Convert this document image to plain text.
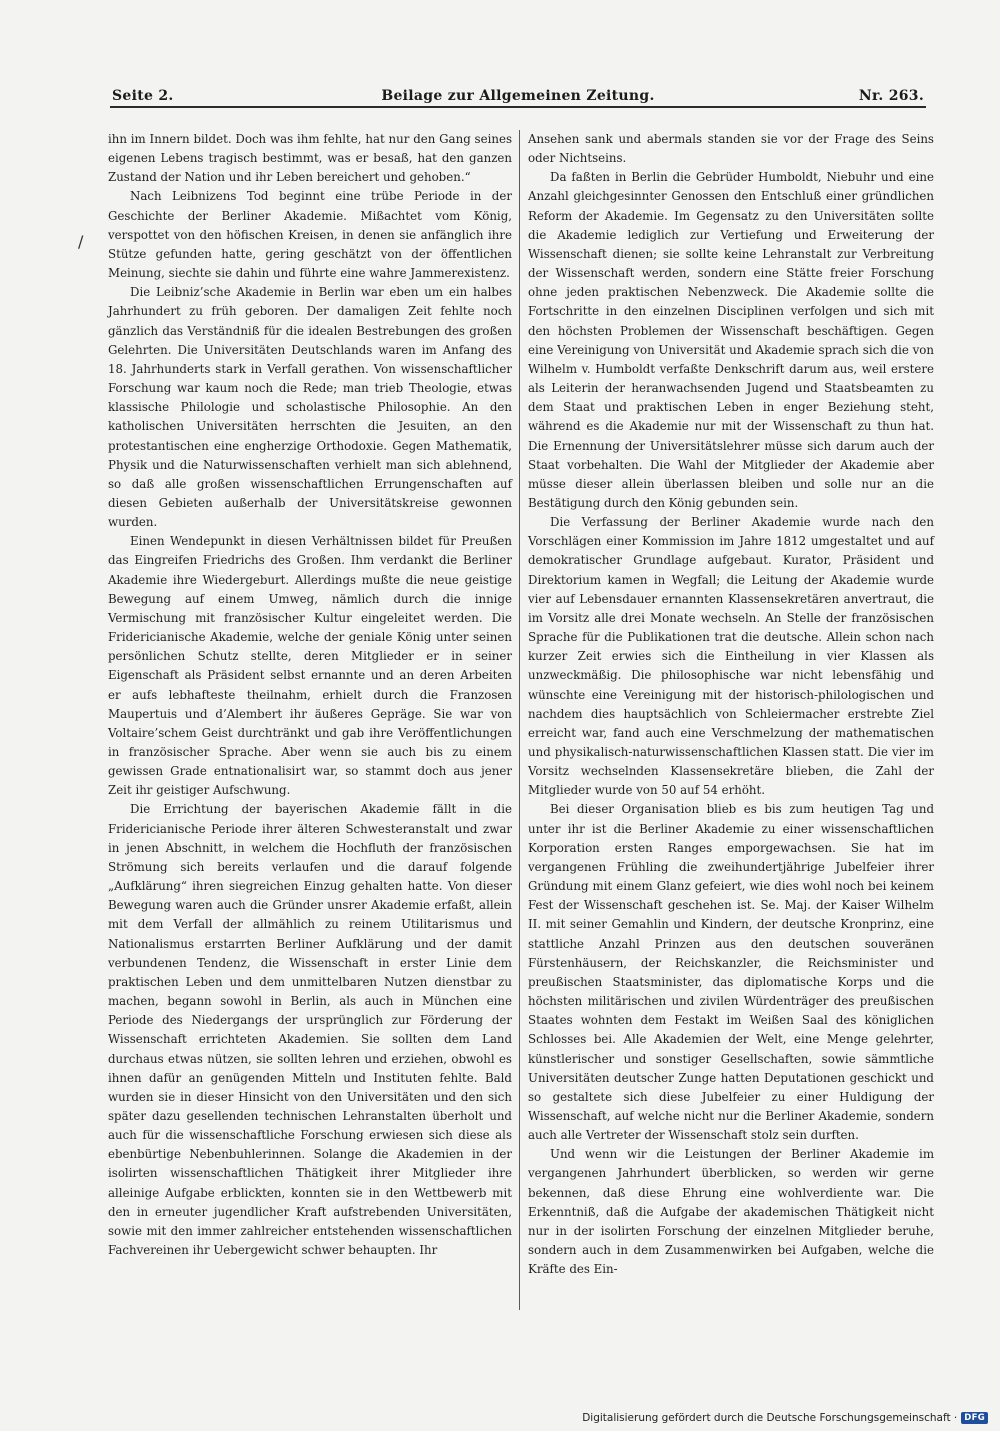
Seite 2.	Beilage zur Allgemeinen Zeitung.	Nr. 263.
/

ihn im Innern bildet. Doch was ihm fehlte, hat nur den Gang seines eigenen Lebens tragisch bestimmt, was er besaß, hat den ganzen Zustand der Nation und ihr Leben bereichert und gehoben.“

Nach Leibnizens Tod beginnt eine trübe Periode in der Geschichte der Berliner Akademie. Mißachtet vom König, verspottet von den höfischen Kreisen, in denen sie anfänglich ihre Stütze gefunden hatte, gering geschätzt von der öffentlichen Meinung, siechte sie dahin und führte eine wahre Jammerexistenz.

Die Leibniz’sche Akademie in Berlin war eben um ein halbes Jahrhundert zu früh geboren. Der damaligen Zeit fehlte noch gänzlich das Verständniß für die idealen Bestrebungen des großen Gelehrten. Die Universitäten Deutschlands waren im Anfang des 18. Jahrhunderts stark in Verfall gerathen. Von wissenschaftlicher Forschung war kaum noch die Rede; man trieb Theologie, etwas klassische Philologie und scholastische Philosophie. An den katholischen Universitäten herrschten die Jesuiten, an den protestantischen eine engherzige Orthodoxie. Gegen Mathematik, Physik und die Naturwissenschaften verhielt man sich ablehnend, so daß alle großen wissenschaftlichen Errungenschaften auf diesen Gebieten außerhalb der Universitätskreise gewonnen wurden.

Einen Wendepunkt in diesen Verhältnissen bildet für Preußen das Eingreifen Friedrichs des Großen. Ihm verdankt die Berliner Akademie ihre Wiedergeburt. Allerdings mußte die neue geistige Bewegung auf einem Umweg, nämlich durch die innige Vermischung mit französischer Kultur eingeleitet werden. Die Fridericianische Akademie, welche der geniale König unter seinen persönlichen Schutz stellte, deren Mitglieder er in seiner Eigenschaft als Präsident selbst ernannte und an deren Arbeiten er aufs lebhafteste theilnahm, erhielt durch die Franzosen Maupertuis und d’Alembert ihr äußeres Gepräge. Sie war von Voltaire’schem Geist durchtränkt und gab ihre Veröffentlichungen in französischer Sprache. Aber wenn sie auch bis zu einem gewissen Grade entnationalisirt war, so stammt doch aus jener Zeit ihr geistiger Aufschwung.

Die Errichtung der bayerischen Akademie fällt in die Fridericianische Periode ihrer älteren Schwesteranstalt und zwar in jenen Abschnitt, in welchem die Hochfluth der französischen Strömung sich bereits verlaufen und die darauf folgende „Aufklärung“ ihren siegreichen Einzug gehalten hatte. Von dieser Bewegung waren auch die Gründer unsrer Akademie erfaßt, allein mit dem Verfall der allmählich zu reinem Utilitarismus und Nationalismus erstarrten Berliner Aufklärung und der damit verbundenen Tendenz, die Wissenschaft in erster Linie dem praktischen Leben und dem unmittelbaren Nutzen dienstbar zu machen, begann sowohl in Berlin, als auch in München eine Periode des Niedergangs der ursprünglich zur Förderung der Wissenschaft errichteten Akademien. Sie sollten dem Land durchaus etwas nützen, sie sollten lehren und erziehen, obwohl es ihnen dafür an genügenden Mitteln und Instituten fehlte. Bald wurden sie in dieser Hinsicht von den Universitäten und den sich später dazu gesellenden technischen Lehranstalten überholt und auch für die wissenschaftliche Forschung erwiesen sich diese als ebenbürtige Nebenbuhlerinnen. Solange die Akademien in der isolirten wissenschaftlichen Thätigkeit ihrer Mitglieder ihre alleinige Aufgabe erblickten, konnten sie in den Wettbewerb mit den in erneuter jugendlicher Kraft aufstrebenden Universitäten, sowie mit den immer zahlreicher entstehenden wissenschaftlichen Fachvereinen ihr Uebergewicht schwer behaupten. Ihr

Ansehen sank und abermals standen sie vor der Frage des Seins oder Nichtseins.

Da faßten in Berlin die Gebrüder Humboldt, Niebuhr und eine Anzahl gleichgesinnter Genossen den Entschluß einer gründlichen Reform der Akademie. Im Gegensatz zu den Universitäten sollte die Akademie lediglich zur Vertiefung und Erweiterung der Wissenschaft dienen; sie sollte keine Lehranstalt zur Verbreitung der Wissenschaft werden, sondern eine Stätte freier Forschung ohne jeden praktischen Nebenzweck. Die Akademie sollte die Fortschritte in den einzelnen Disciplinen verfolgen und sich mit den höchsten Problemen der Wissenschaft beschäftigen. Gegen eine Vereinigung von Universität und Akademie sprach sich die von Wilhelm v. Humboldt verfaßte Denkschrift darum aus, weil erstere als Leiterin der heranwachsenden Jugend und Staatsbeamten zu dem Staat und praktischen Leben in enger Beziehung steht, während es die Akademie nur mit der Wissenschaft zu thun hat. Die Ernennung der Universitätslehrer müsse sich darum auch der Staat vorbehalten. Die Wahl der Mitglieder der Akademie aber müsse dieser allein überlassen bleiben und solle nur an die Bestätigung durch den König gebunden sein.

Die Verfassung der Berliner Akademie wurde nach den Vorschlägen einer Kommission im Jahre 1812 umgestaltet und auf demokratischer Grundlage aufgebaut. Kurator, Präsident und Direktorium kamen in Wegfall; die Leitung der Akademie wurde vier auf Lebensdauer ernannten Klassensekretären anvertraut, die im Vorsitz alle drei Monate wechseln. An Stelle der französischen Sprache für die Publikationen trat die deutsche. Allein schon nach kurzer Zeit erwies sich die Eintheilung in vier Klassen als unzweckmäßig. Die philosophische war nicht lebensfähig und wünschte eine Vereinigung mit der historisch-philologischen und nachdem dies hauptsächlich von Schleiermacher erstrebte Ziel erreicht war, fand auch eine Verschmelzung der mathematischen und physikalisch-naturwissenschaftlichen Klassen statt. Die vier im Vorsitz wechselnden Klassensekretäre blieben, die Zahl der Mitglieder wurde von 50 auf 54 erhöht.

Bei dieser Organisation blieb es bis zum heutigen Tag und unter ihr ist die Berliner Akademie zu einer wissenschaftlichen Korporation ersten Ranges emporgewachsen. Sie hat im vergangenen Frühling die zweihundertjährige Jubelfeier ihrer Gründung mit einem Glanz gefeiert, wie dies wohl noch bei keinem Fest der Wissenschaft geschehen ist. Se. Maj. der Kaiser Wilhelm II. mit seiner Gemahlin und Kindern, der deutsche Kronprinz, eine stattliche Anzahl Prinzen aus den deutschen souveränen Fürstenhäusern, der Reichskanzler, die Reichsminister und preußischen Staatsminister, das diplomatische Korps und die höchsten militärischen und zivilen Würdenträger des preußischen Staates wohnten dem Festakt im Weißen Saal des königlichen Schlosses bei. Alle Akademien der Welt, eine Menge gelehrter, künstlerischer und sonstiger Gesellschaften, sowie sämmtliche Universitäten deutscher Zunge hatten Deputationen geschickt und so gestaltete sich diese Jubelfeier zu einer Huldigung der Wissenschaft, auf welche nicht nur die Berliner Akademie, sondern auch alle Vertreter der Wissenschaft stolz sein durften.

Und wenn wir die Leistungen der Berliner Akademie im vergangenen Jahrhundert überblicken, so werden wir gerne bekennen, daß diese Ehrung eine wohlverdiente war. Die Erkenntniß, daß die Aufgabe der akademischen Thätigkeit nicht nur in der isolirten Forschung der einzelnen Mitglieder beruhe, sondern auch in dem Zusammenwirken bei Aufgaben, welche die Kräfte des Ein-

Digitalisierung gefördert durch die Deutsche Forschungsgemeinschaft · DFG
